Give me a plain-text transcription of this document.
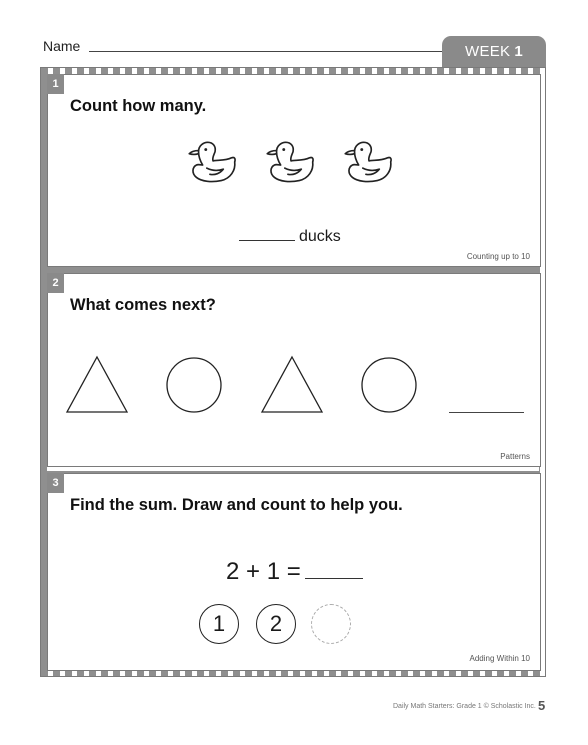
Name	WEEK 1
1
Count how many.
ducks
Counting up to 10
2
What comes next?
Patterns
3
Find the sum. Draw and count to help you.
2 + 1 =
1	2
Adding Within 10
Daily Math Starters: Grade 1 © Scholastic Inc. 5
